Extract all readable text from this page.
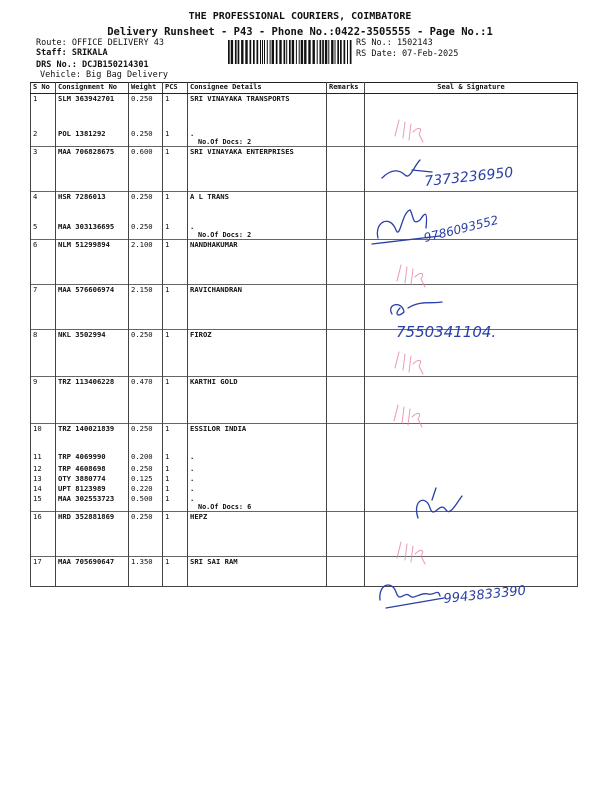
THE PROFESSIONAL COURIERS, COIMBATORE
Delivery Runsheet - P43 - Phone No.:0422-3505555 - Page No.:1
Route: OFFICE DELIVERY 43
Staff: SRIKALA
DRS No.: DCJB150214301
Vehicle: Big Bag Delivery
RS No.: 1502143
RS Date: 07-Feb-2025
S No	Consignment No	Weight	PCS	Consignee Details	Remarks	Seal & Signature

1	SLM 363942701	0.250	1	SRI VINAYAKA TRANSPORTS		

2	POL 1381292	0.250	1	.
No.Of Docs: 2		

3	MAA 706828675	0.600	1	SRI VINAYAKA ENTERPRISES		

4	HSR 7286013	0.250	1	A L TRANS		

5	MAA 303136695	0.250	1	.
No.Of Docs: 2		

6	NLM 51299894	2.100	1	NANDHAKUMAR		

7	MAA 576606974	2.150	1	RAVICHANDRAN		

8	NKL 3502994	0.250	1	FIROZ		

9	TRZ 113406228	0.470	1	KARTHI GOLD		

10	TRZ 140021839	0.250	1	ESSILOR INDIA		

11	TRP 4069990	0.200	1	.		

12	TRP 4608698	0.250	1	.		

13	OTY 3880774	0.125	1	.		

14	UPT 8123989	0.220	1	.		

15	MAA 302553723	0.500	1	.
No.Of Docs: 6		

16	HRD 352881869	0.250	1	HEPZ		

17	MAA 705690647	1.350	1	SRI SAI RAM		

7373236950
9786093552
7550341104.
9943833390
